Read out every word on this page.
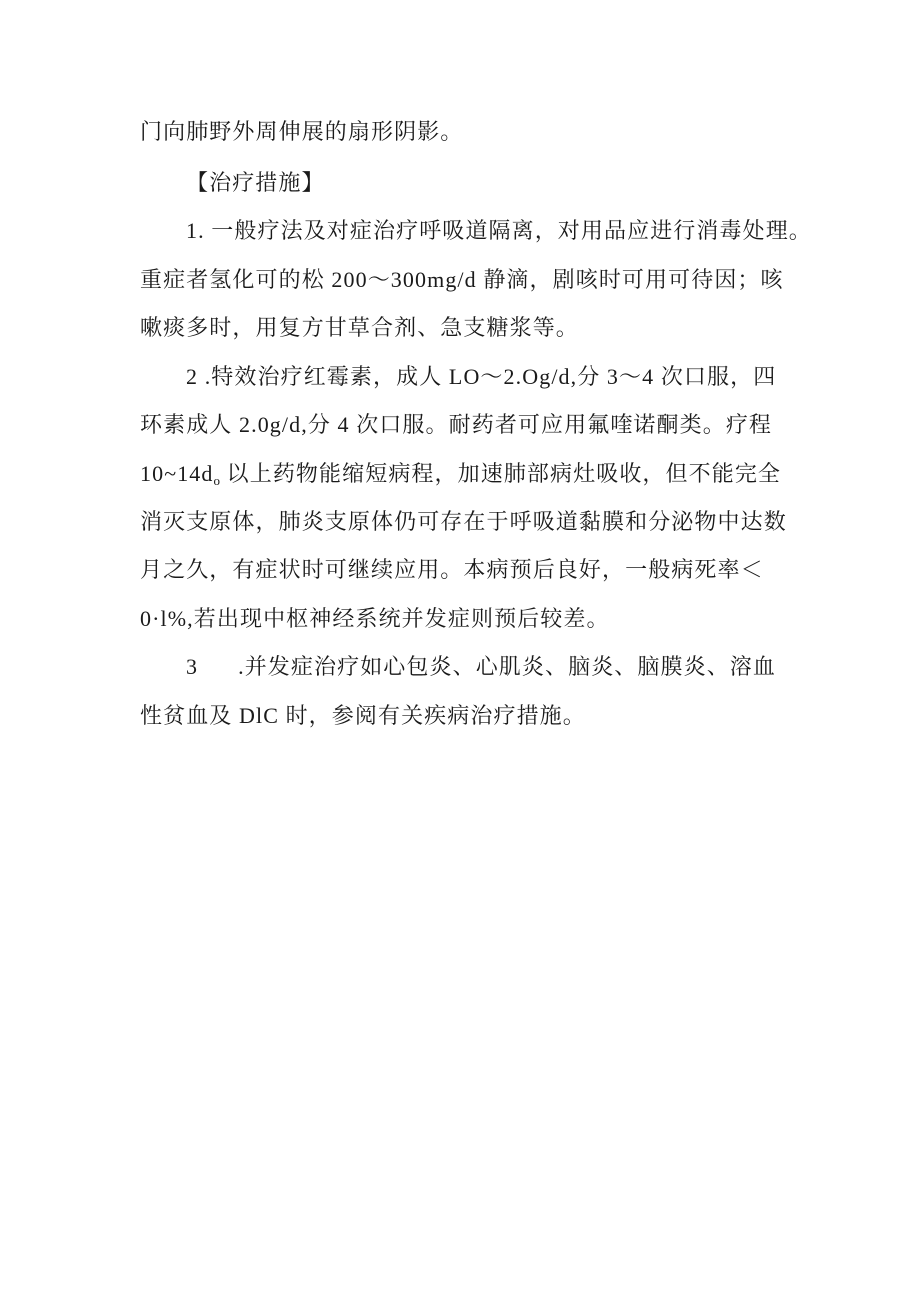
门向肺野外周伸展的扇形阴影。
【治疗措施】
1. 一般疗法及对症治疗呼吸道隔离，对用品应进行消毒处理。
重症者氢化可的松 200～300mg/d 静滴，剧咳时可用可待因；咳
嗽痰多时，用复方甘草合剂、急支糖浆等。
2 .特效治疗红霉素，成人 LO～2.Og/d,分 3～4 次口服，四
环素成人 2.0g/d,分 4 次口服。耐药者可应用氟喹诺酮类。疗程
$10\sim 14d_o$ 以上药物能缩短病程，加速肺部病灶吸收，但不能完全
消灭支原体，肺炎支原体仍可存在于呼吸道黏膜和分泌物中达数
月之久，有症状时可继续应用。本病预后良好，一般病死率＜
0·l%,若出现中枢神经系统并发症则预后较差。
3 .并发症治疗如心包炎、心肌炎、脑炎、脑膜炎、溶血
性贫血及 DlC 时，参阅有关疾病治疗措施。
